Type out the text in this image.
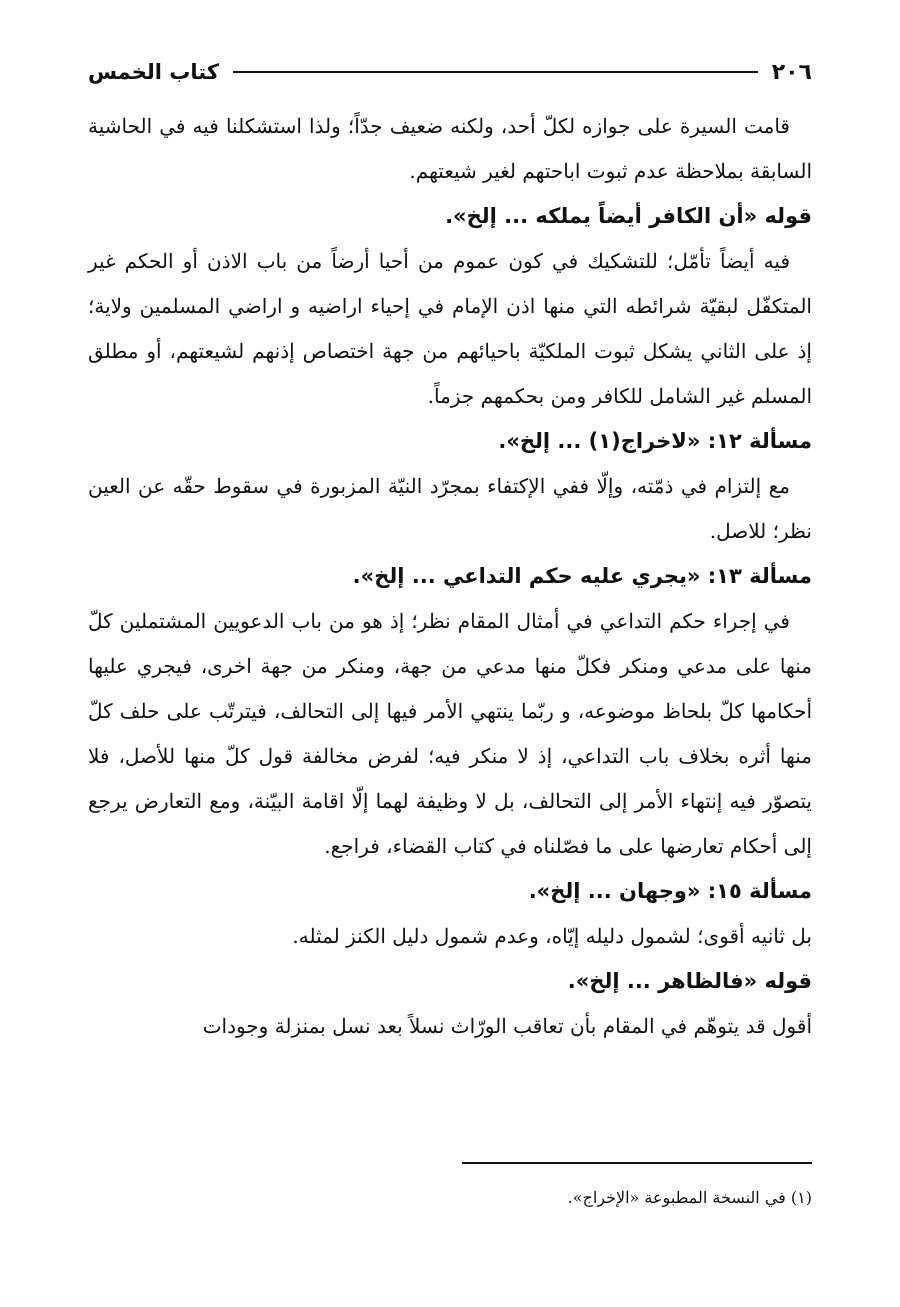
٢٠٦
كتاب الخمس

قامت السيرة على جوازه لكلّ أحد، ولكنه ضعيف جدّاً؛ ولذا استشكلنا فيه في الحاشية السابقة بملاحظة عدم ثبوت اباحتهم لغير شيعتهم.

قوله «أن الكافر أيضاً يملكه ... إلخ».

فيه أيضاً تأمّل؛ للتشكيك في كون عموم من أحيا أرضاً من باب الاذن أو الحكم غير المتكفّل لبقيّة شرائطه التي منها اذن الإمام في إحياء اراضيه و اراضي المسلمين ولاية؛ إذ على الثاني يشكل ثبوت الملكيّة باحيائهم من جهة اختصاص إذنهم لشيعتهم، أو مطلق المسلم غير الشامل للكافر ومن بحكمهم جزماً.

مسألة ١٢: «لاخراج(١) ... إلخ».

مع إلتزام في ذمّته، وإلّا ففي الإكتفاء بمجرّد النيّة المزبورة في سقوط حقّه عن العين نظر؛ للاصل.

مسألة ١٣: «يجري عليه حكم التداعي ... إلخ».

في إجراء حكم التداعي في أمثال المقام نظر؛ إذ هو من باب الدعويين المشتملين كلّ منها على مدعي ومنكر فكلّ منها مدعي من جهة، ومنكر من جهة اخرى، فيجري عليها أحكامها كلّ بلحاظ موضوعه، و ربّما ينتهي الأمر فيها إلى التحالف، فيترتّب على حلف كلّ منها أثره بخلاف باب التداعي، إذ لا منكر فيه؛ لفرض مخالفة قول كلّ منها للأصل، فلا يتصوّر فيه إنتهاء الأمر إلى التحالف، بل لا وظيفة لهما إلّا اقامة البيّنة، ومع التعارض يرجع إلى أحكام تعارضها على ما فصّلناه في كتاب القضاء، فراجع.

مسألة ١٥: «وجهان ... إلخ».

بل ثانيه أقوى؛ لشمول دليله إيّاه، وعدم شمول دليل الكنز لمثله.

قوله «فالظاهر ... إلخ».

أقول قد يتوهّم في المقام بأن تعاقب الورّاث نسلاً بعد نسل بمنزلة وجودات

(١) في النسخة المطبوعة «الإخراج».
